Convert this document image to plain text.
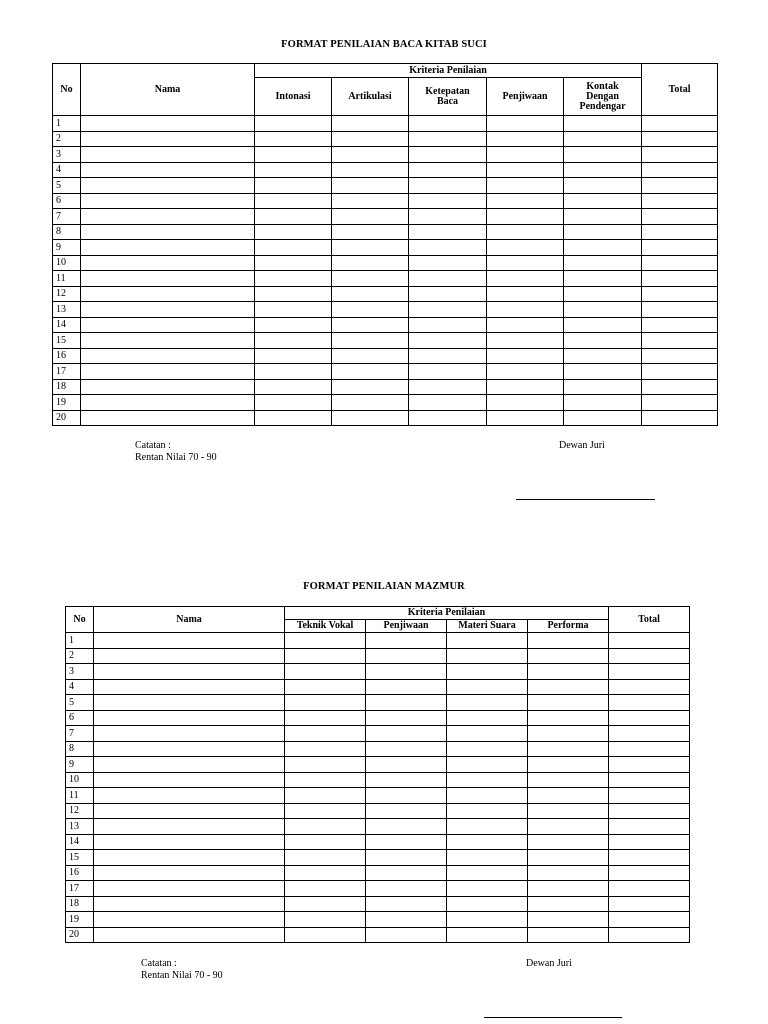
FORMAT PENILAIAN BACA KITAB SUCI
No	Nama	Kriteria Penilaian					Total
		Intonasi	Artikulasi	Ketepatan Baca	Penjiwaan	Kontak Dengan Pendengar	
1							
2							
3							
4							
5							
6							
7							
8							
9							
10							
11							
12							
13							
14							
15							
16							
17							
18							
19							
20							
Catatan :
Rentan Nilai 70 - 90
Dewan Juri
FORMAT PENILAIAN MAZMUR
No	Nama	Kriteria Penilaian				Total
		Teknik Vokal	Penjiwaan	Materi Suara	Performa	
1						
2						
3						
4						
5						
6						
7						
8						
9						
10						
11						
12						
13						
14						
15						
16						
17						
18						
19						
20						
Catatan :
Rentan Nilai 70 - 90
Dewan Juri
